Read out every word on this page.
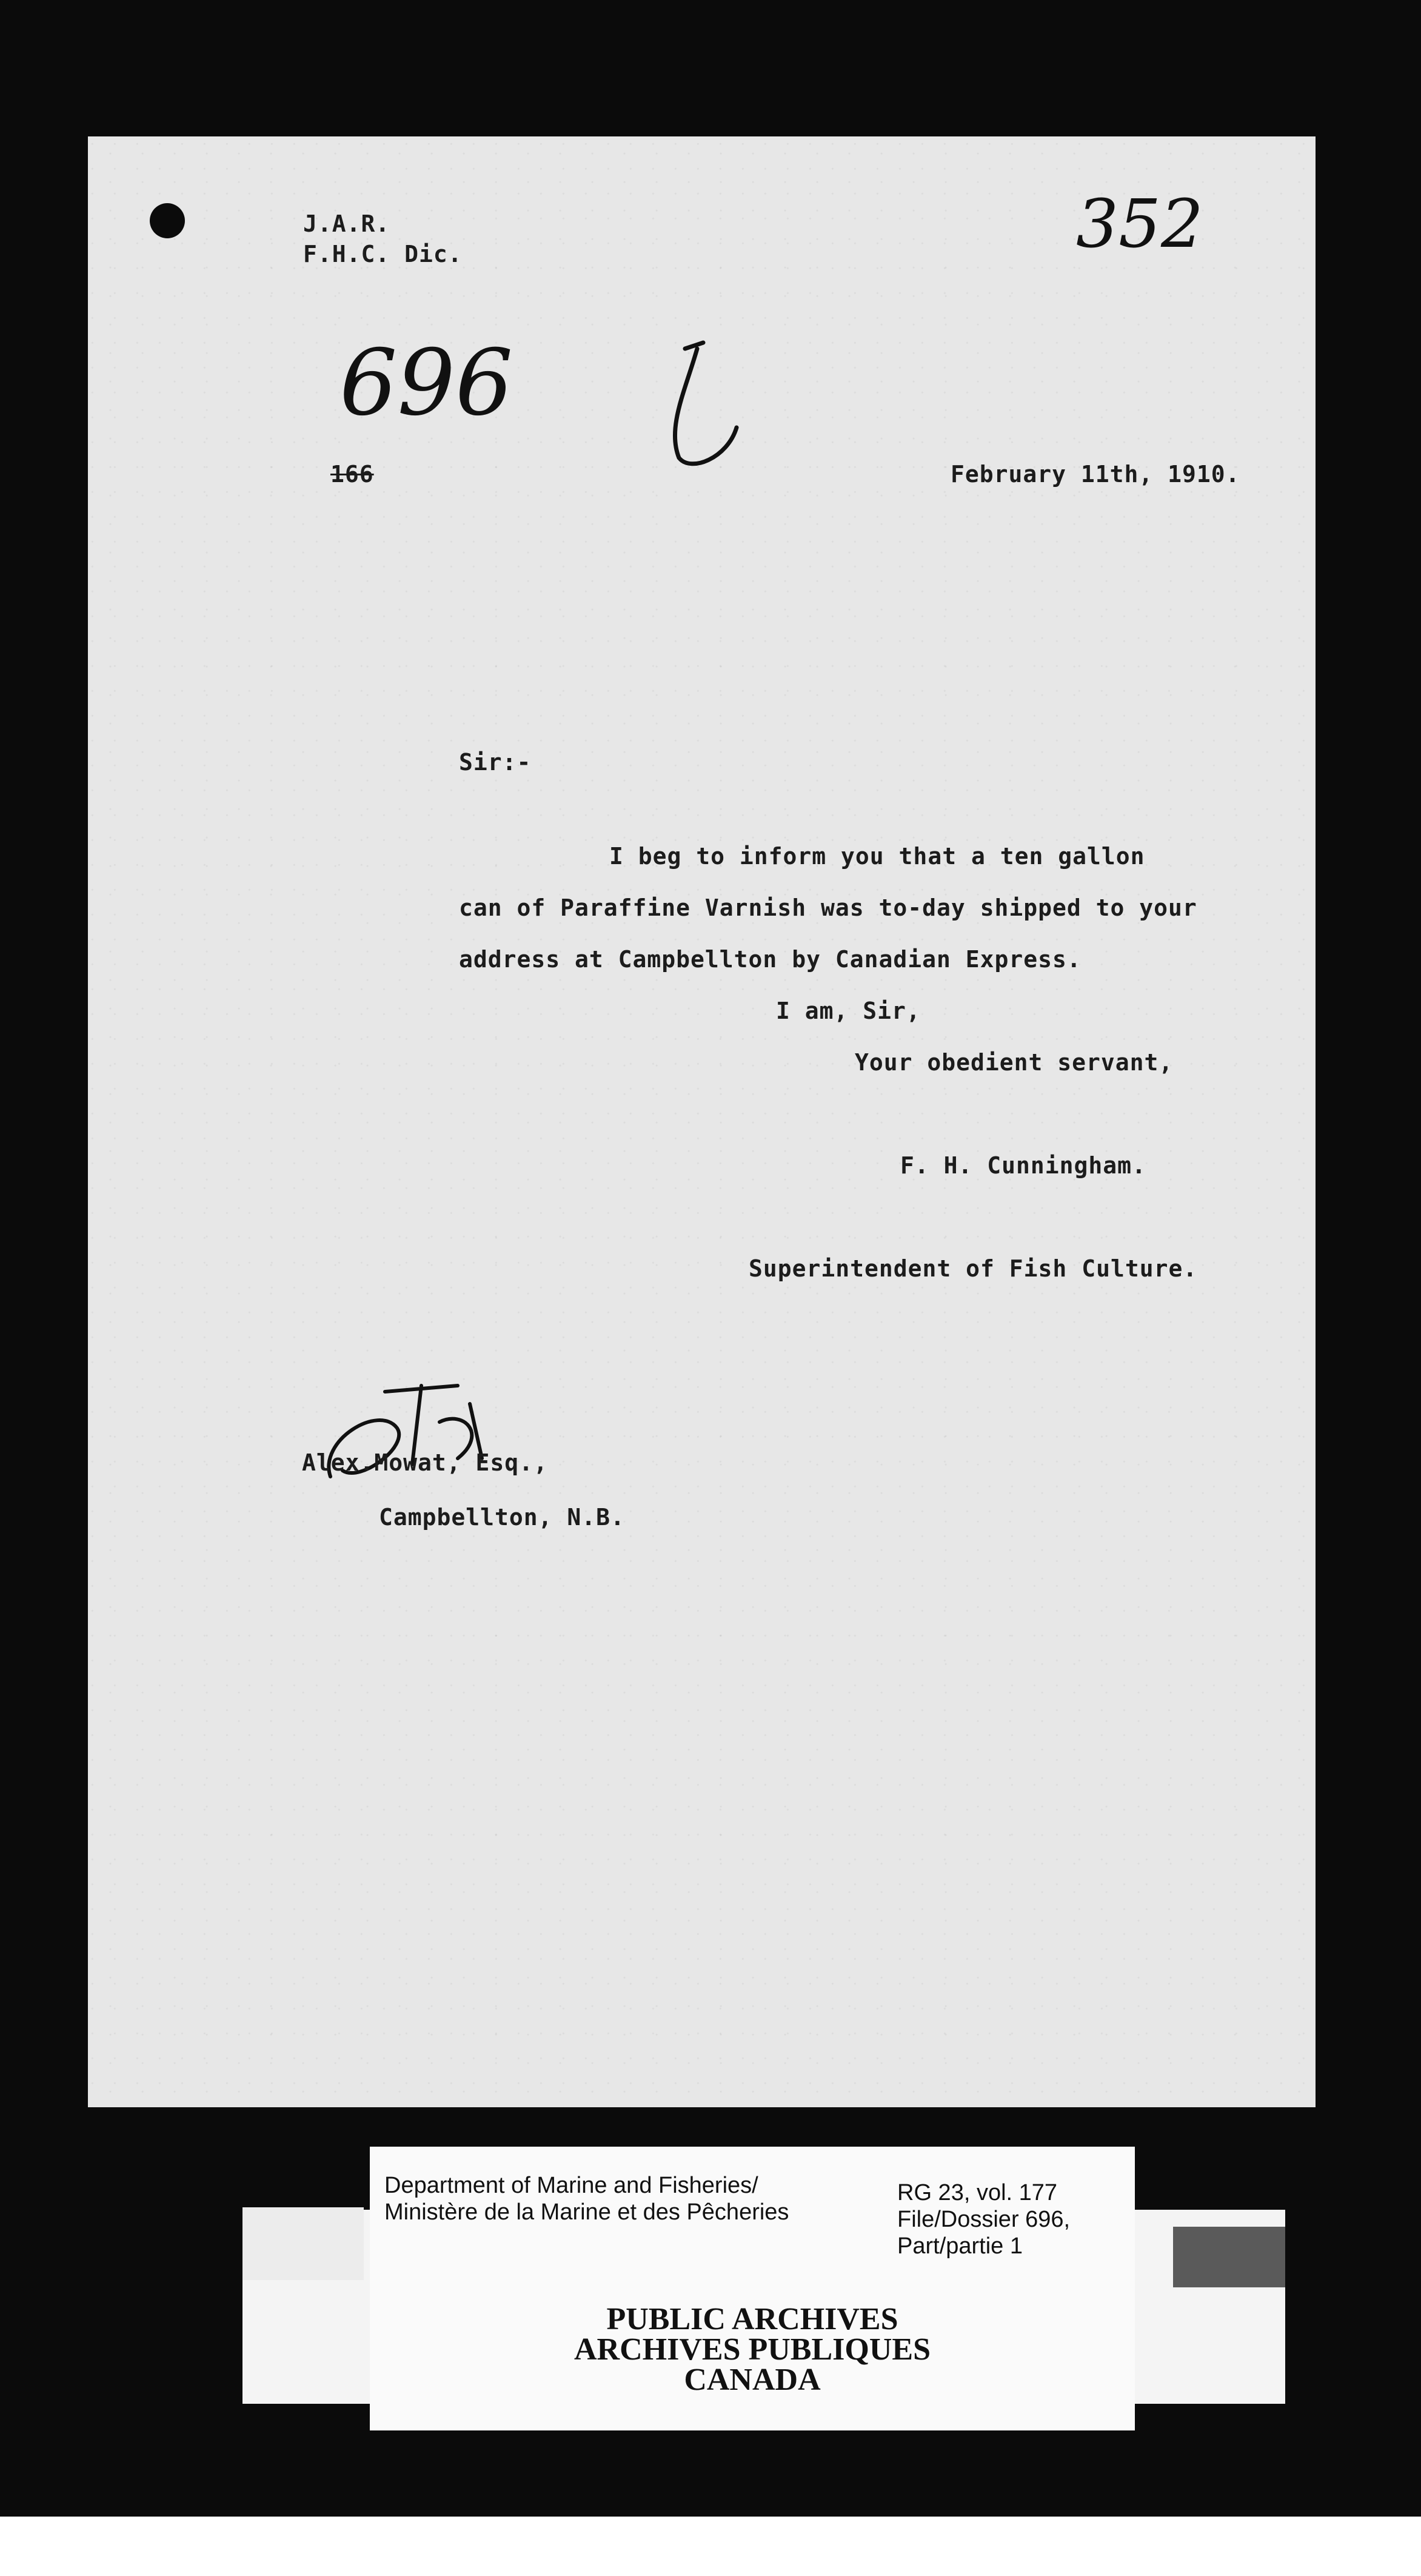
J.A.R.
F.H.C. Dic.	352
696
166	February 11th, 1910.
Sir:-
I beg to inform you that a ten gallon
can of Paraffine Varnish was to-day shipped to your
address at Campbellton by Canadian Express.
I am, Sir,
Your obedient servant,
F. H. Cunningham.
Superintendent of Fish Culture.
Alex.Mowat, Esq.,
Campbellton, N.B.
Department of Marine and Fisheries/
Ministère de la Marine et des Pêcheries
RG 23, vol. 177
File/Dossier 696,
Part/partie 1
PUBLIC ARCHIVES
ARCHIVES PUBLIQUES
CANADA
